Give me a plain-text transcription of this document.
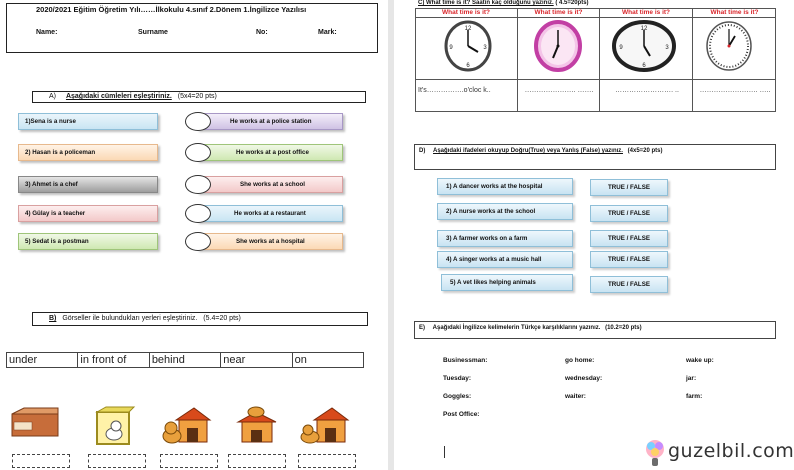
2020/2021 Eğitim Öğretim Yılı……İlkokulu 4.sınıf 2.Dönem 1.İngilizce Yazılısı
Name:	Surname	No:	Mark:
A) Aşağıdaki cümleleri eşleştiriniz. (5x4=20 pts)
1)Sena is a nurse
2) Hasan is a policeman
3) Ahmet is a chef
4) Gülay is a teacher
5) Sedat is a postman
He works at a police station
He works at a post office
She works at a school
He works at a restaurant
She works at a hospital
B) Görseller ile bulundukları yerleri eşleştiriniz. (5.4=20 pts)
under	in front of	behind	near	on
C) What time is it? Saatin kaç olduğunu yazınız. ( 4.5=20pts)
What time is it?	What time is it?	What time is it?	What time is it?
12
6
9	3
12
6
9	3
It's…………….o'cloc k..	…………………. …….	……………………. ..	……………………. …..
D) Aşağıdaki ifadeleri okuyup Doğru(True) veya Yanlış (False) yazınız. (4x5=20 pts)
1) A dancer works at the hospital
2) A nurse works at the school
3) A farmer works on a farm
4) A singer works at a music hall
5) A vet likes helping animals
TRUE / FALSE
TRUE / FALSE
TRUE / FALSE
TRUE / FALSE
TRUE / FALSE
E) Aşağıdaki İngilizce kelimelerin Türkçe karşılıklarını yazınız. (10.2=20 pts)
Businessman:	go home:	wake up:
Tuesday:	wednesday:	jar:
Goggles:	waiter:	farm:
Post Office:
guzelbil.com
